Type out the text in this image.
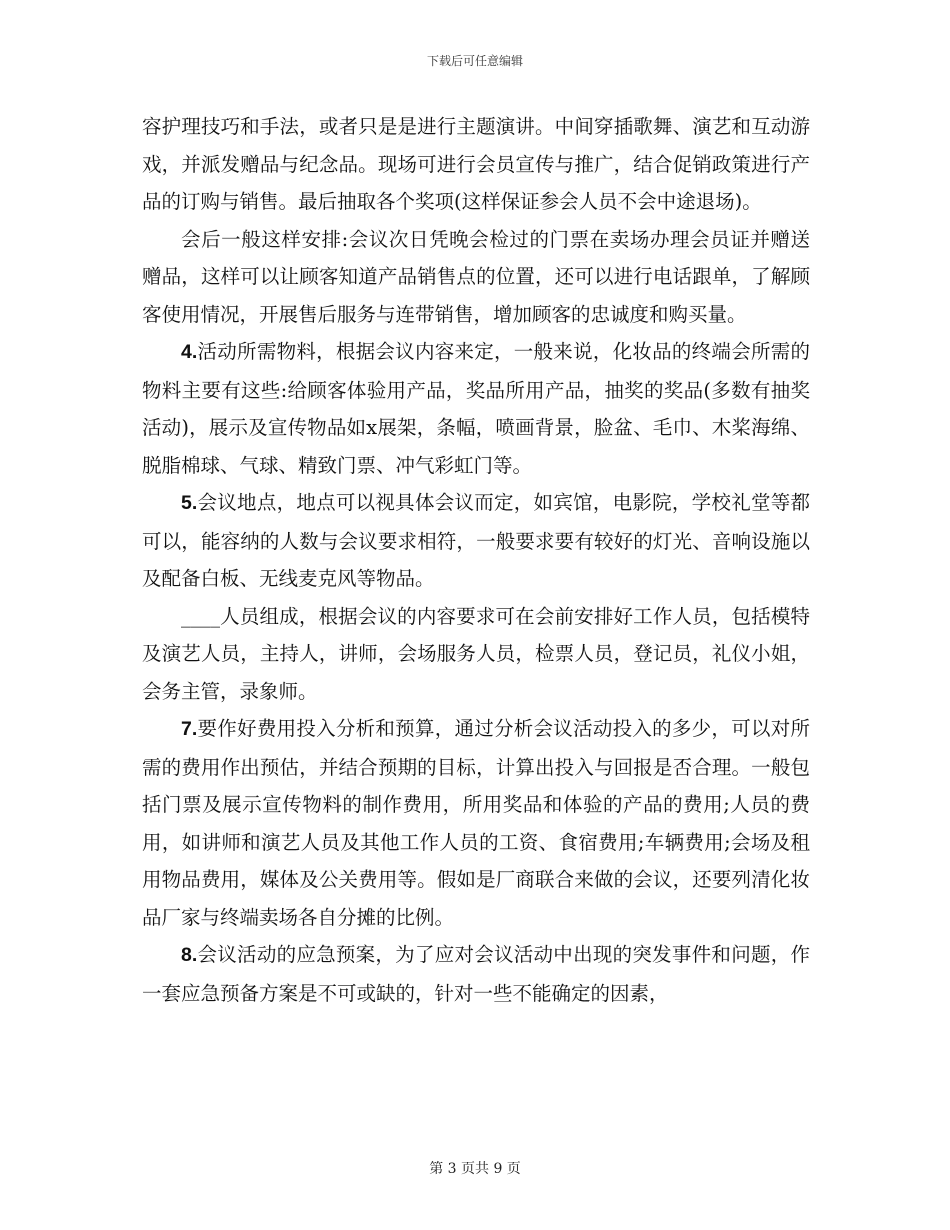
下载后可任意编辑

容护理技巧和手法，或者只是是进行主题演讲。中间穿插歌舞、演艺和互动游戏，并派发赠品与纪念品。现场可进行会员宣传与推广，结合促销政策进行产品的订购与销售。最后抽取各个奖项(这样保证参会人员不会中途退场)。

会后一般这样安排:会议次日凭晚会检过的门票在卖场办理会员证并赠送赠品，这样可以让顾客知道产品销售点的位置，还可以进行电话跟单，了解顾客使用情况，开展售后服务与连带销售，增加顾客的忠诚度和购买量。

4.活动所需物料，根据会议内容来定，一般来说，化妆品的终端会所需的物料主要有这些:给顾客体验用产品，奖品所用产品，抽奖的奖品(多数有抽奖活动)，展示及宣传物品如x展架，条幅，喷画背景，脸盆、毛巾、木桨海绵、脱脂棉球、气球、精致门票、冲气彩虹门等。

5.会议地点，地点可以视具体会议而定，如宾馆，电影院，学校礼堂等都可以，能容纳的人数与会议要求相符，一般要求要有较好的灯光、音响设施以及配备白板、无线麦克风等物品。

____人员组成，根据会议的内容要求可在会前安排好工作人员，包括模特及演艺人员，主持人，讲师，会场服务人员，检票人员，登记员，礼仪小姐，会务主管，录象师。

7.要作好费用投入分析和预算，通过分析会议活动投入的多少，可以对所需的费用作出预估，并结合预期的目标，计算出投入与回报是否合理。一般包括门票及展示宣传物料的制作费用，所用奖品和体验的产品的费用;人员的费用，如讲师和演艺人员及其他工作人员的工资、食宿费用;车辆费用;会场及租用物品费用，媒体及公关费用等。假如是厂商联合来做的会议，还要列清化妆品厂家与终端卖场各自分摊的比例。

8.会议活动的应急预案，为了应对会议活动中出现的突发事件和问题，作一套应急预备方案是不可或缺的，针对一些不能确定的因素，

第 3 页共 9 页
